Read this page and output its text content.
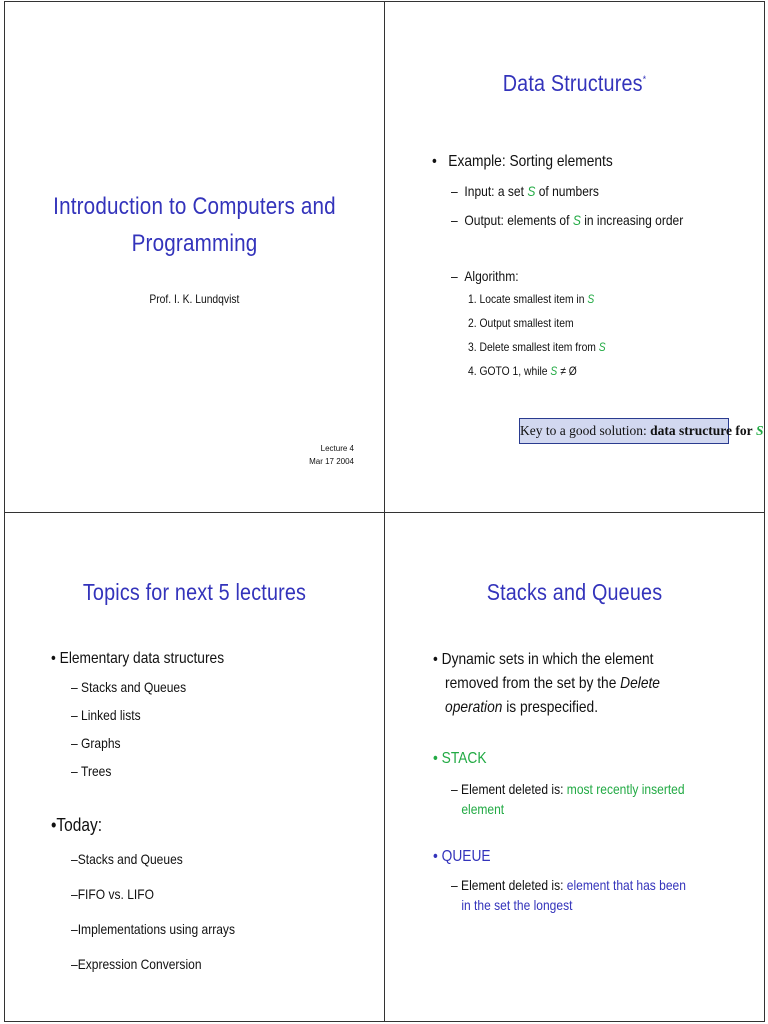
Introduction to Computers and
Programming
Prof. I. K. Lundqvist
Lecture 4
Mar 17 2004
Data Structures*
•   Example: Sorting elements
–  Input: a set S of numbers
–  Output: elements of S in increasing order
–  Algorithm:
1. Locate smallest item in S
2. Output smallest item
3. Delete smallest item from S
4. GOTO 1, while S ≠ Ø
Key to a good solution: data structure for S
Topics for next 5 lectures
• Elementary data structures
– Stacks and Queues
– Linked lists
– Graphs
– Trees
•Today:
–Stacks and Queues
–FIFO vs. LIFO
–Implementations using arrays
–Expression Conversion
Stacks and Queues
• Dynamic sets in which the element
removed from the set by the Delete
operation is prespecified.
• STACK
– Element deleted is: most recently inserted
element
• QUEUE
– Element deleted is: element that has been
in the set the longest
